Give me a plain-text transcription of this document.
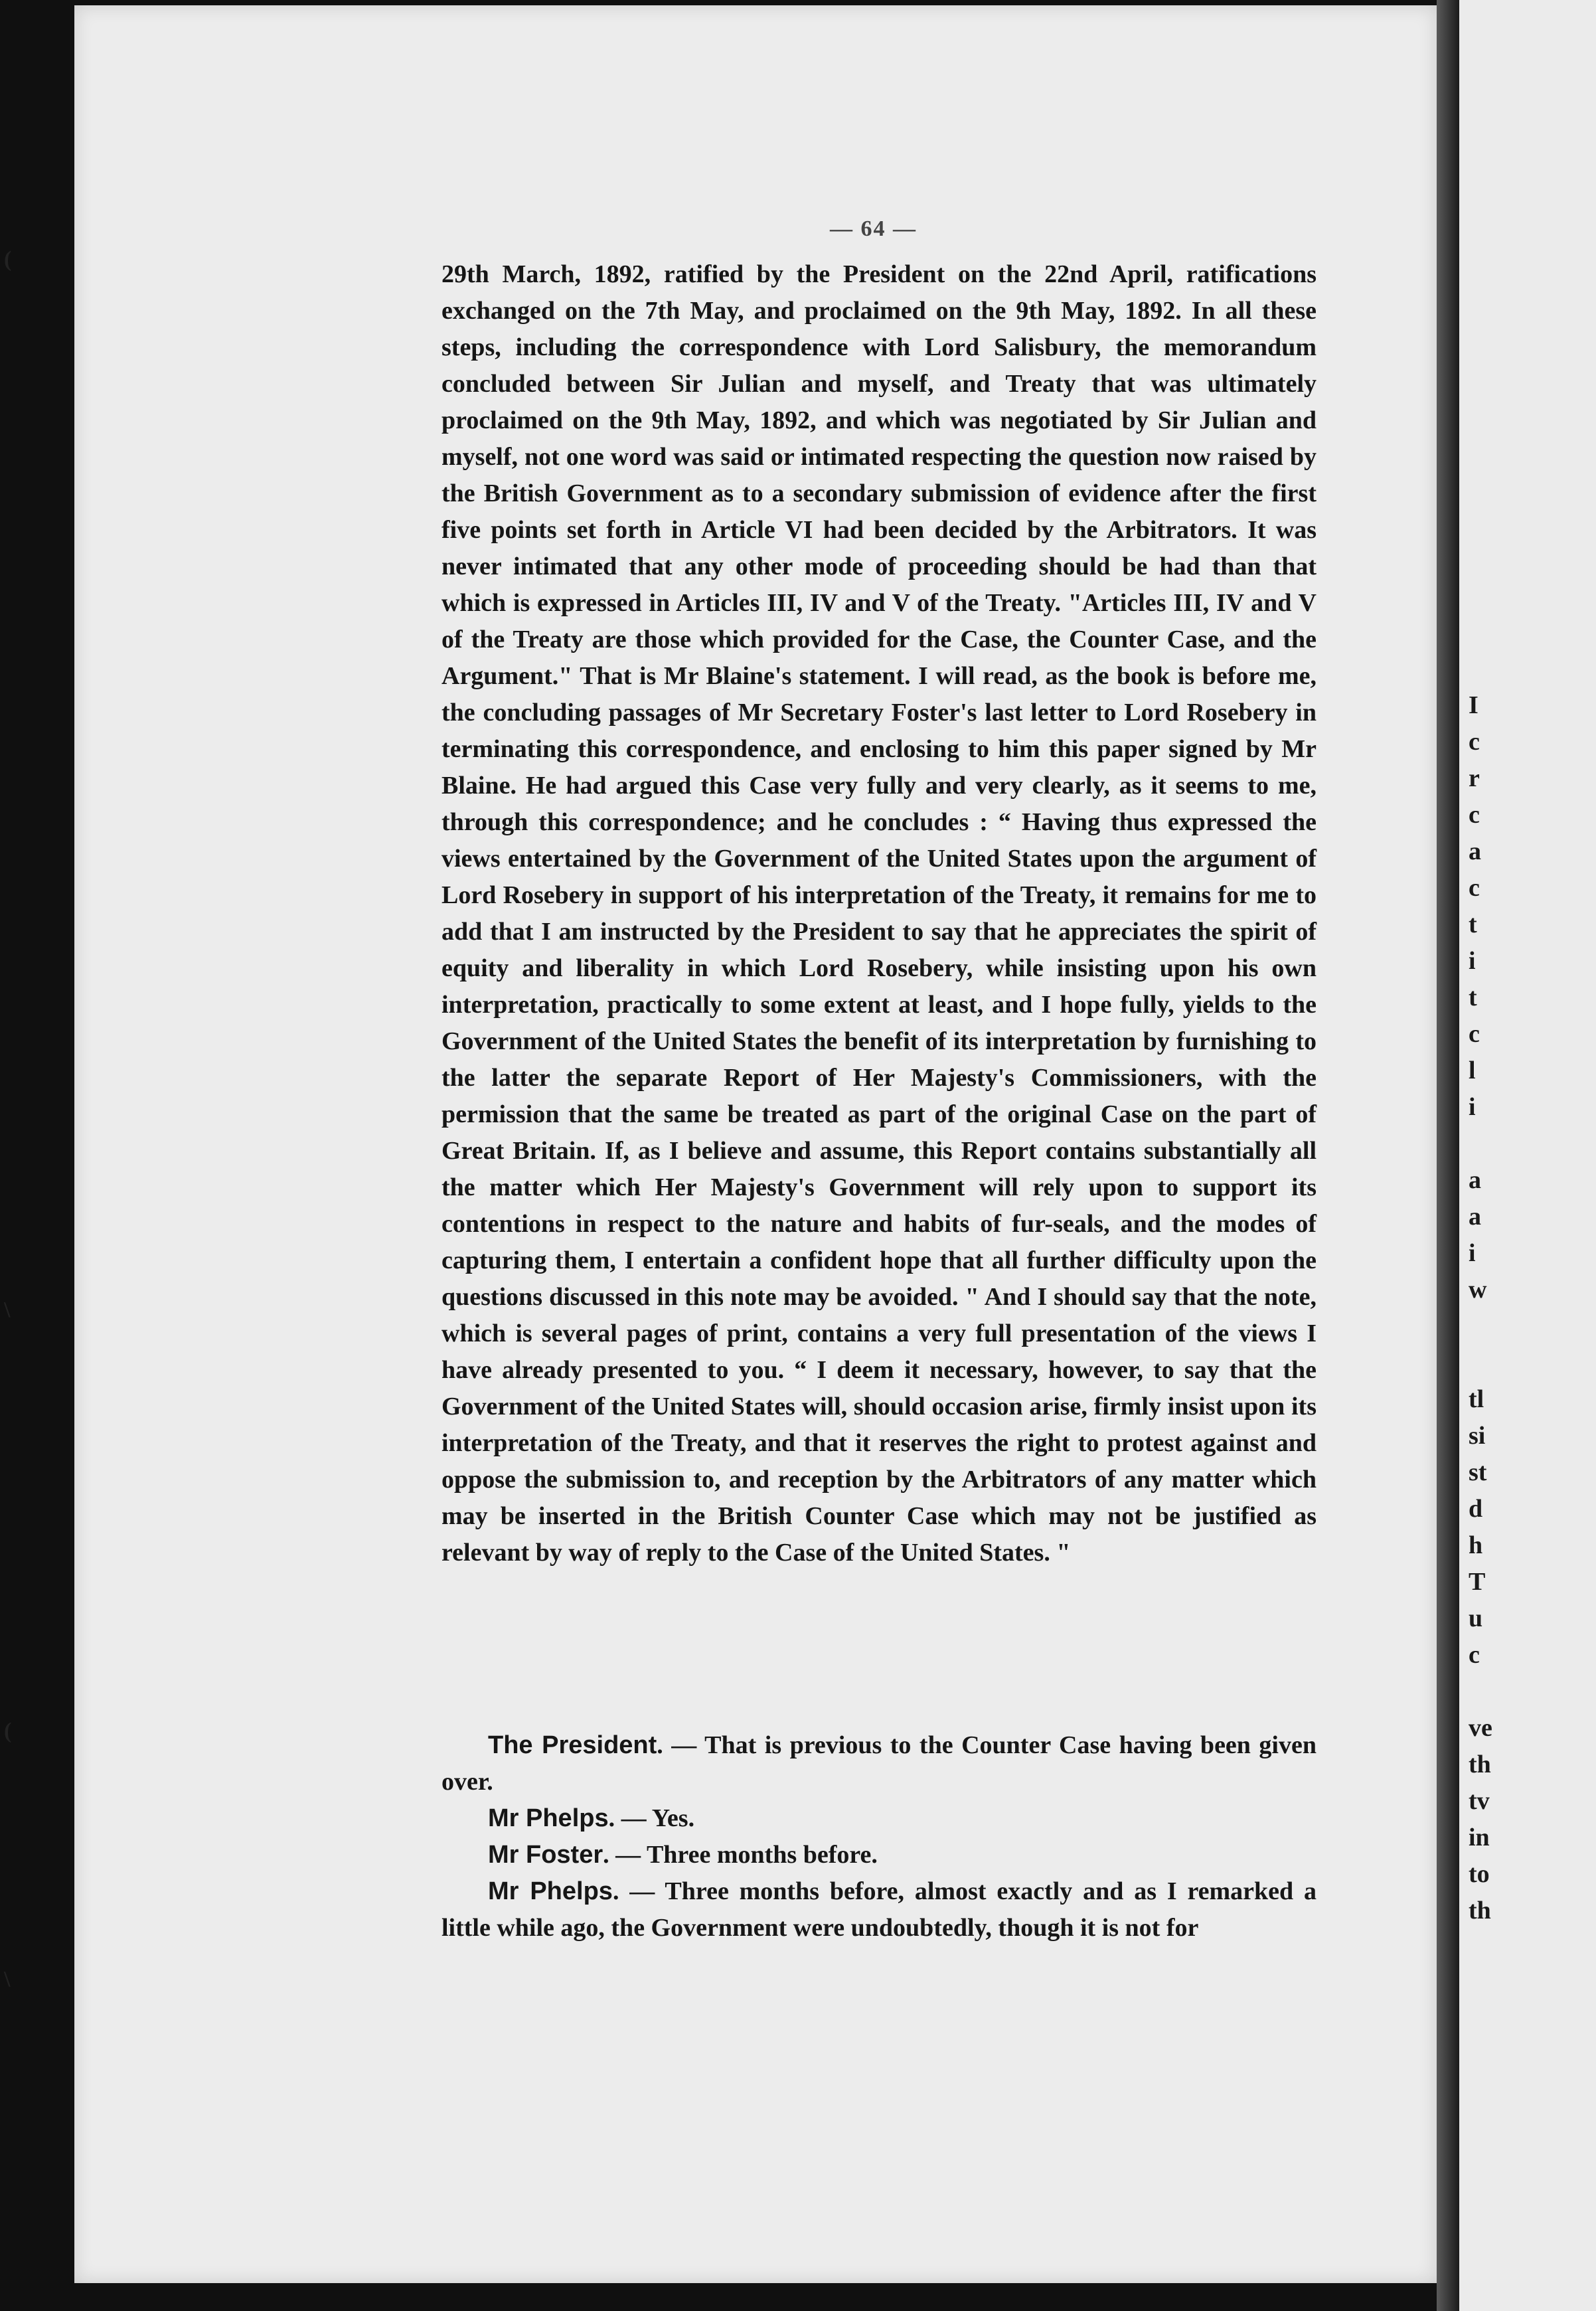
(
\
(
\
— 64 —

29th March, 1892, ratified by the President on the 22nd April, ratifications exchanged on the 7th May, and proclaimed on the 9th May, 1892. In all these steps, including the correspondence with Lord Salisbury, the memorandum concluded between Sir Julian and myself, and Treaty that was ultimately proclaimed on the 9th May, 1892, and which was negotiated by Sir Julian and myself, not one word was said or intimated respecting the question now raised by the British Government as to a secondary submission of evidence after the first five points set forth in Article VI had been decided by the Arbitrators. It was never intimated that any other mode of proceeding should be had than that which is expressed in Articles III, IV and V of the Treaty. "Articles III, IV and V of the Treaty are those which provided for the Case, the Counter Case, and the Argument." That is Mr Blaine's statement. I will read, as the book is before me, the concluding passages of Mr Secretary Foster's last letter to Lord Rosebery in terminating this correspondence, and enclosing to him this paper signed by Mr Blaine. He had argued this Case very fully and very clearly, as it seems to me, through this correspondence; and he concludes : “ Having thus expressed the views entertained by the Government of the United States upon the argument of Lord Rosebery in support of his interpretation of the Treaty, it remains for me to add that I am instructed by the President to say that he appreciates the spirit of equity and liberality in which Lord Rosebery, while insisting upon his own interpretation, practically to some extent at least, and I hope fully, yields to the Government of the United States the benefit of its interpretation by furnishing to the latter the separate Report of Her Majesty's Commissioners, with the permission that the same be treated as part of the original Case on the part of Great Britain. If, as I believe and assume, this Report contains substantially all the matter which Her Majesty's Government will rely upon to support its contentions in respect to the nature and habits of fur-seals, and the modes of capturing them, I entertain a confident hope that all further difficulty upon the questions discussed in this note may be avoided. " And I should say that the note, which is several pages of print, contains a very full presentation of the views I have already presented to you. “ I deem it necessary, however, to say that the Government of the United States will, should occasion arise, firmly insist upon its interpretation of the Treaty, and that it reserves the right to protest against and oppose the submission to, and reception by the Arbitrators of any matter which may be inserted in the British Counter Case which may not be justified as relevant by way of reply to the Case of the United States. "

The President. — That is previous to the Counter Case having been given over.

Mr Phelps. — Yes.

Mr Foster. — Three months before.

Mr Phelps. — Three months before, almost exactly and as I remarked a little while ago, the Government were undoubtedly, though it is not for

I
c
r
c
a
c
t
i
t
c
l
i
a
a
i
w
tl
si
st
d
h
T
u
c
ve
th
tv
in
to
th
